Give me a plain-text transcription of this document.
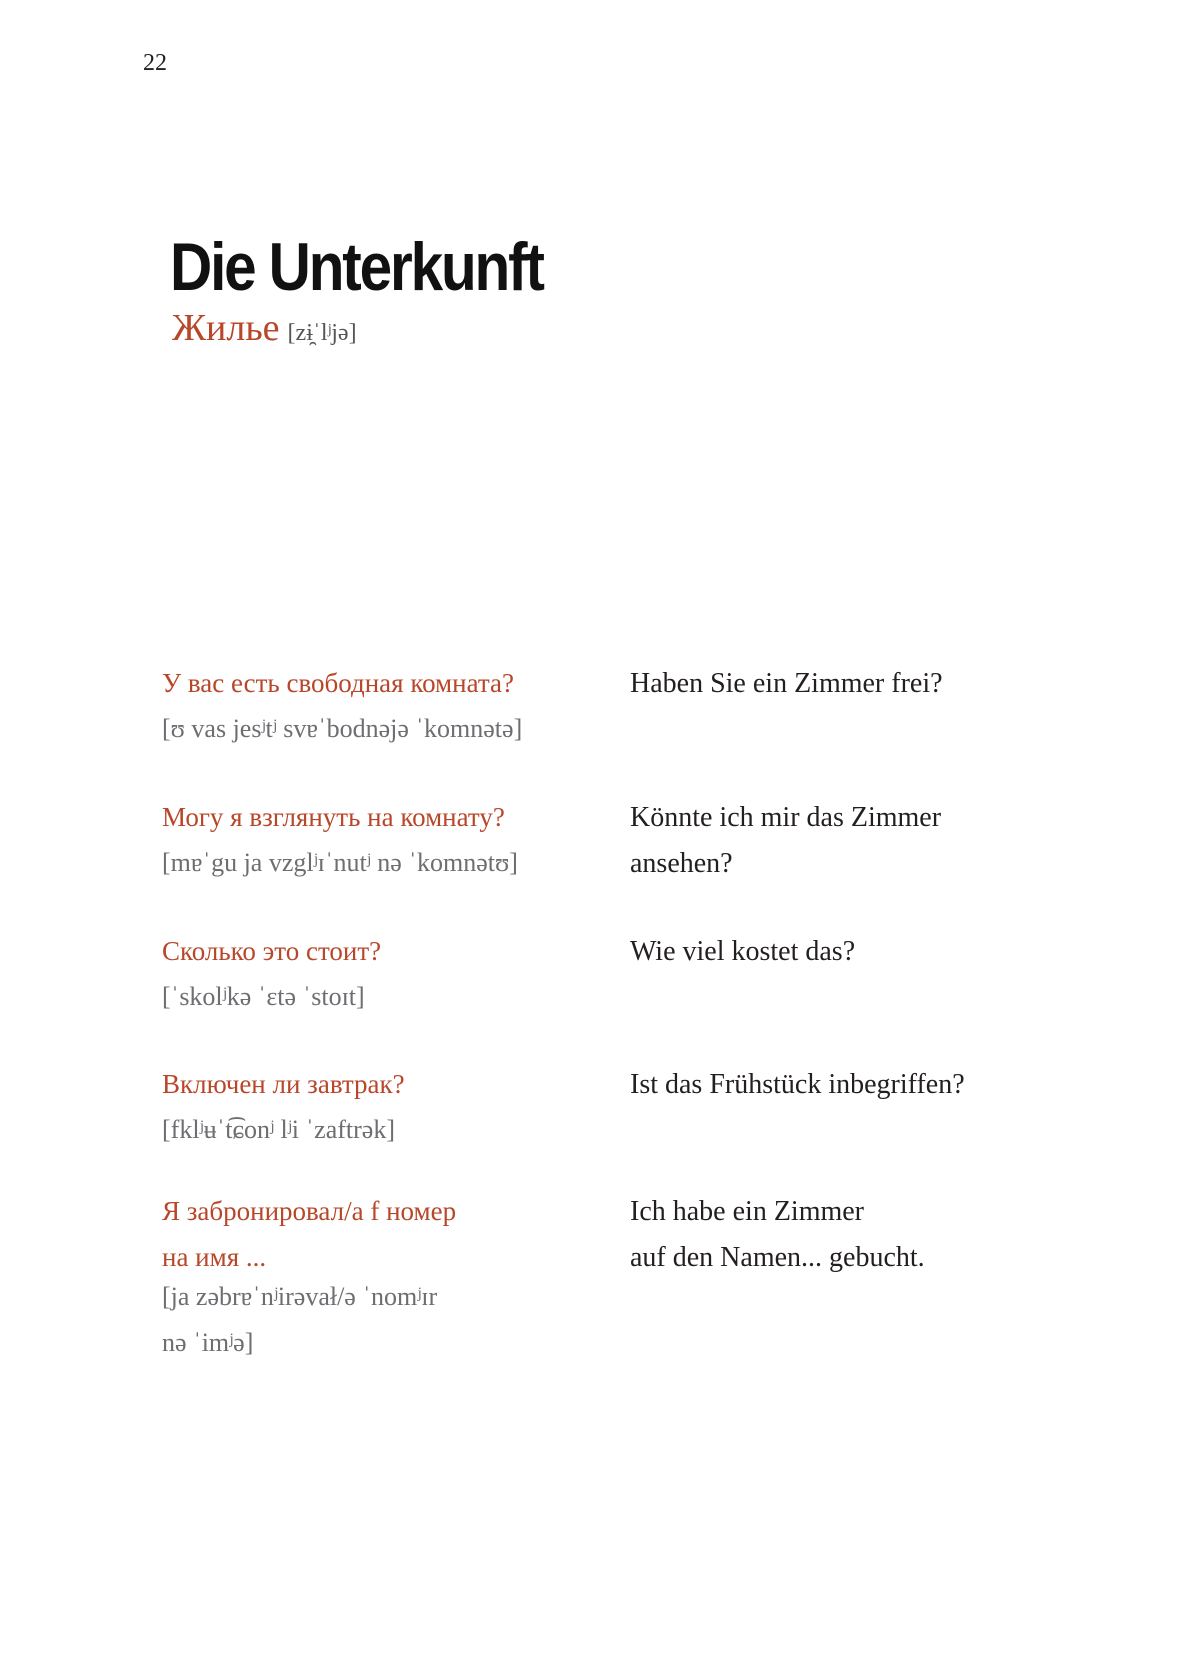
22
Die Unterkunft
Жилье [zɨ̯ˈlʲjə]
У вас есть свободная комната?
[ʊ vas jesʲtʲ svɐˈbodnəjə ˈkomnətə]
Haben Sie ein Zimmer frei?
Могу я взглянуть на комнату?
[mɐˈgu ja vzglʲɪˈnutʲ nə ˈkomnətʊ]
Könnte ich mir das Zimmer
ansehen?
Сколько это стоит?
[ˈskolʲkə ˈɛtə ˈstoɪt]
Wie viel kostet das?
Включен ли завтрак?
[fklʲʉˈt͡ɕonʲ lʲi ˈzaftrək]
Ist das Frühstück inbegriffen?
Я забронировал/а f номер
на имя ...
[ja zəbrɐˈnʲirəvał/ə ˈnomʲɪr
nə ˈimʲə]
Ich habe ein Zimmer
auf den Namen... gebucht.
